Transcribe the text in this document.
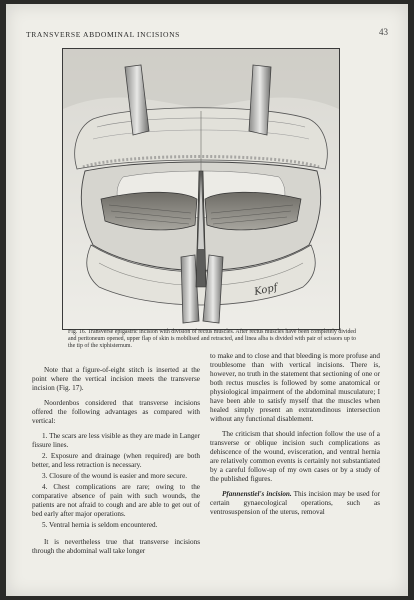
TRANSVERSE ABDOMINAL INCISIONS	43
Kopf
Fig. 16. Transverse epigastric incision with division of rectus muscles. After rectus muscles have been completely divided and peritoneum opened, upper flap of skin is mobilised and retracted, and linea alba is divided with pair of scissors up to the tip of the xiphisternum.

Note that a figure-of-eight stitch is inserted at the point where the vertical incision meets the transverse incision (Fig. 17).

Noordenbos considered that transverse incisions offered the following advantages as compared with vertical:

1. The scars are less visible as they are made in Langer fissure lines.

2. Exposure and drainage (when required) are both better, and less retraction is necessary.

3. Closure of the wound is easier and more secure.

4. Chest complications are rare; owing to the comparative absence of pain with such wounds, the patients are not afraid to cough and are able to get out of bed early after major operations.

5. Ventral hernia is seldom encountered.

It is nevertheless true that transverse incisions through the abdominal wall take longer

to make and to close and that bleeding is more profuse and troublesome than with vertical incisions. There is, however, no truth in the statement that sectioning of one or both rectus muscles is followed by some anatomical or physiological impairment of the abdominal musculature; I have been able to satisfy myself that the muscles when healed simply present an extratendinous intersection without any functional disablement.

The criticism that should infection follow the use of a transverse or oblique incision such complications as dehiscence of the wound, evisceration, and ventral hernia are relatively common events is certainly not substantiated by a careful follow-up of my own cases or by a study of the published figures.

Pfannenstiel's incision. This incision may be used for certain gynaecological operations, such as ventrosuspension of the uterus, removal
